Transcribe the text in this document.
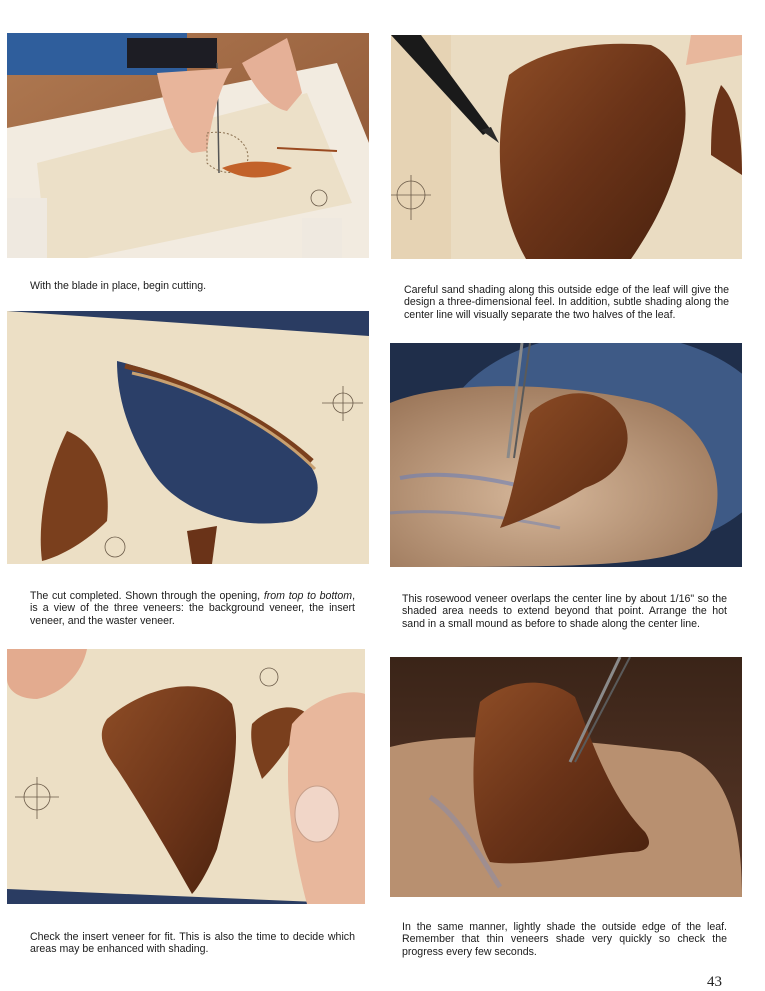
With the blade in place, begin cutting.	Careful sand shading along this outside edge of the leaf will give the design a three-dimensional feel. In addition, subtle shading along the center line will visually separate the two halves of the leaf.

The cut completed. Shown through the opening, from top to bottom, is a view of the three veneers: the background veneer, the insert veneer, and the waster veneer.

This rosewood veneer overlaps the center line by about 1/16" so the shaded area needs to extend beyond that point. Arrange the hot sand in a small mound as before to shade along the center line.

Check the insert veneer for fit. This is also the time to decide which areas may be enhanced with shading.

In the same manner, lightly shade the outside edge of the leaf. Remember that thin veneers shade very quickly so check the progress every few seconds.

43
